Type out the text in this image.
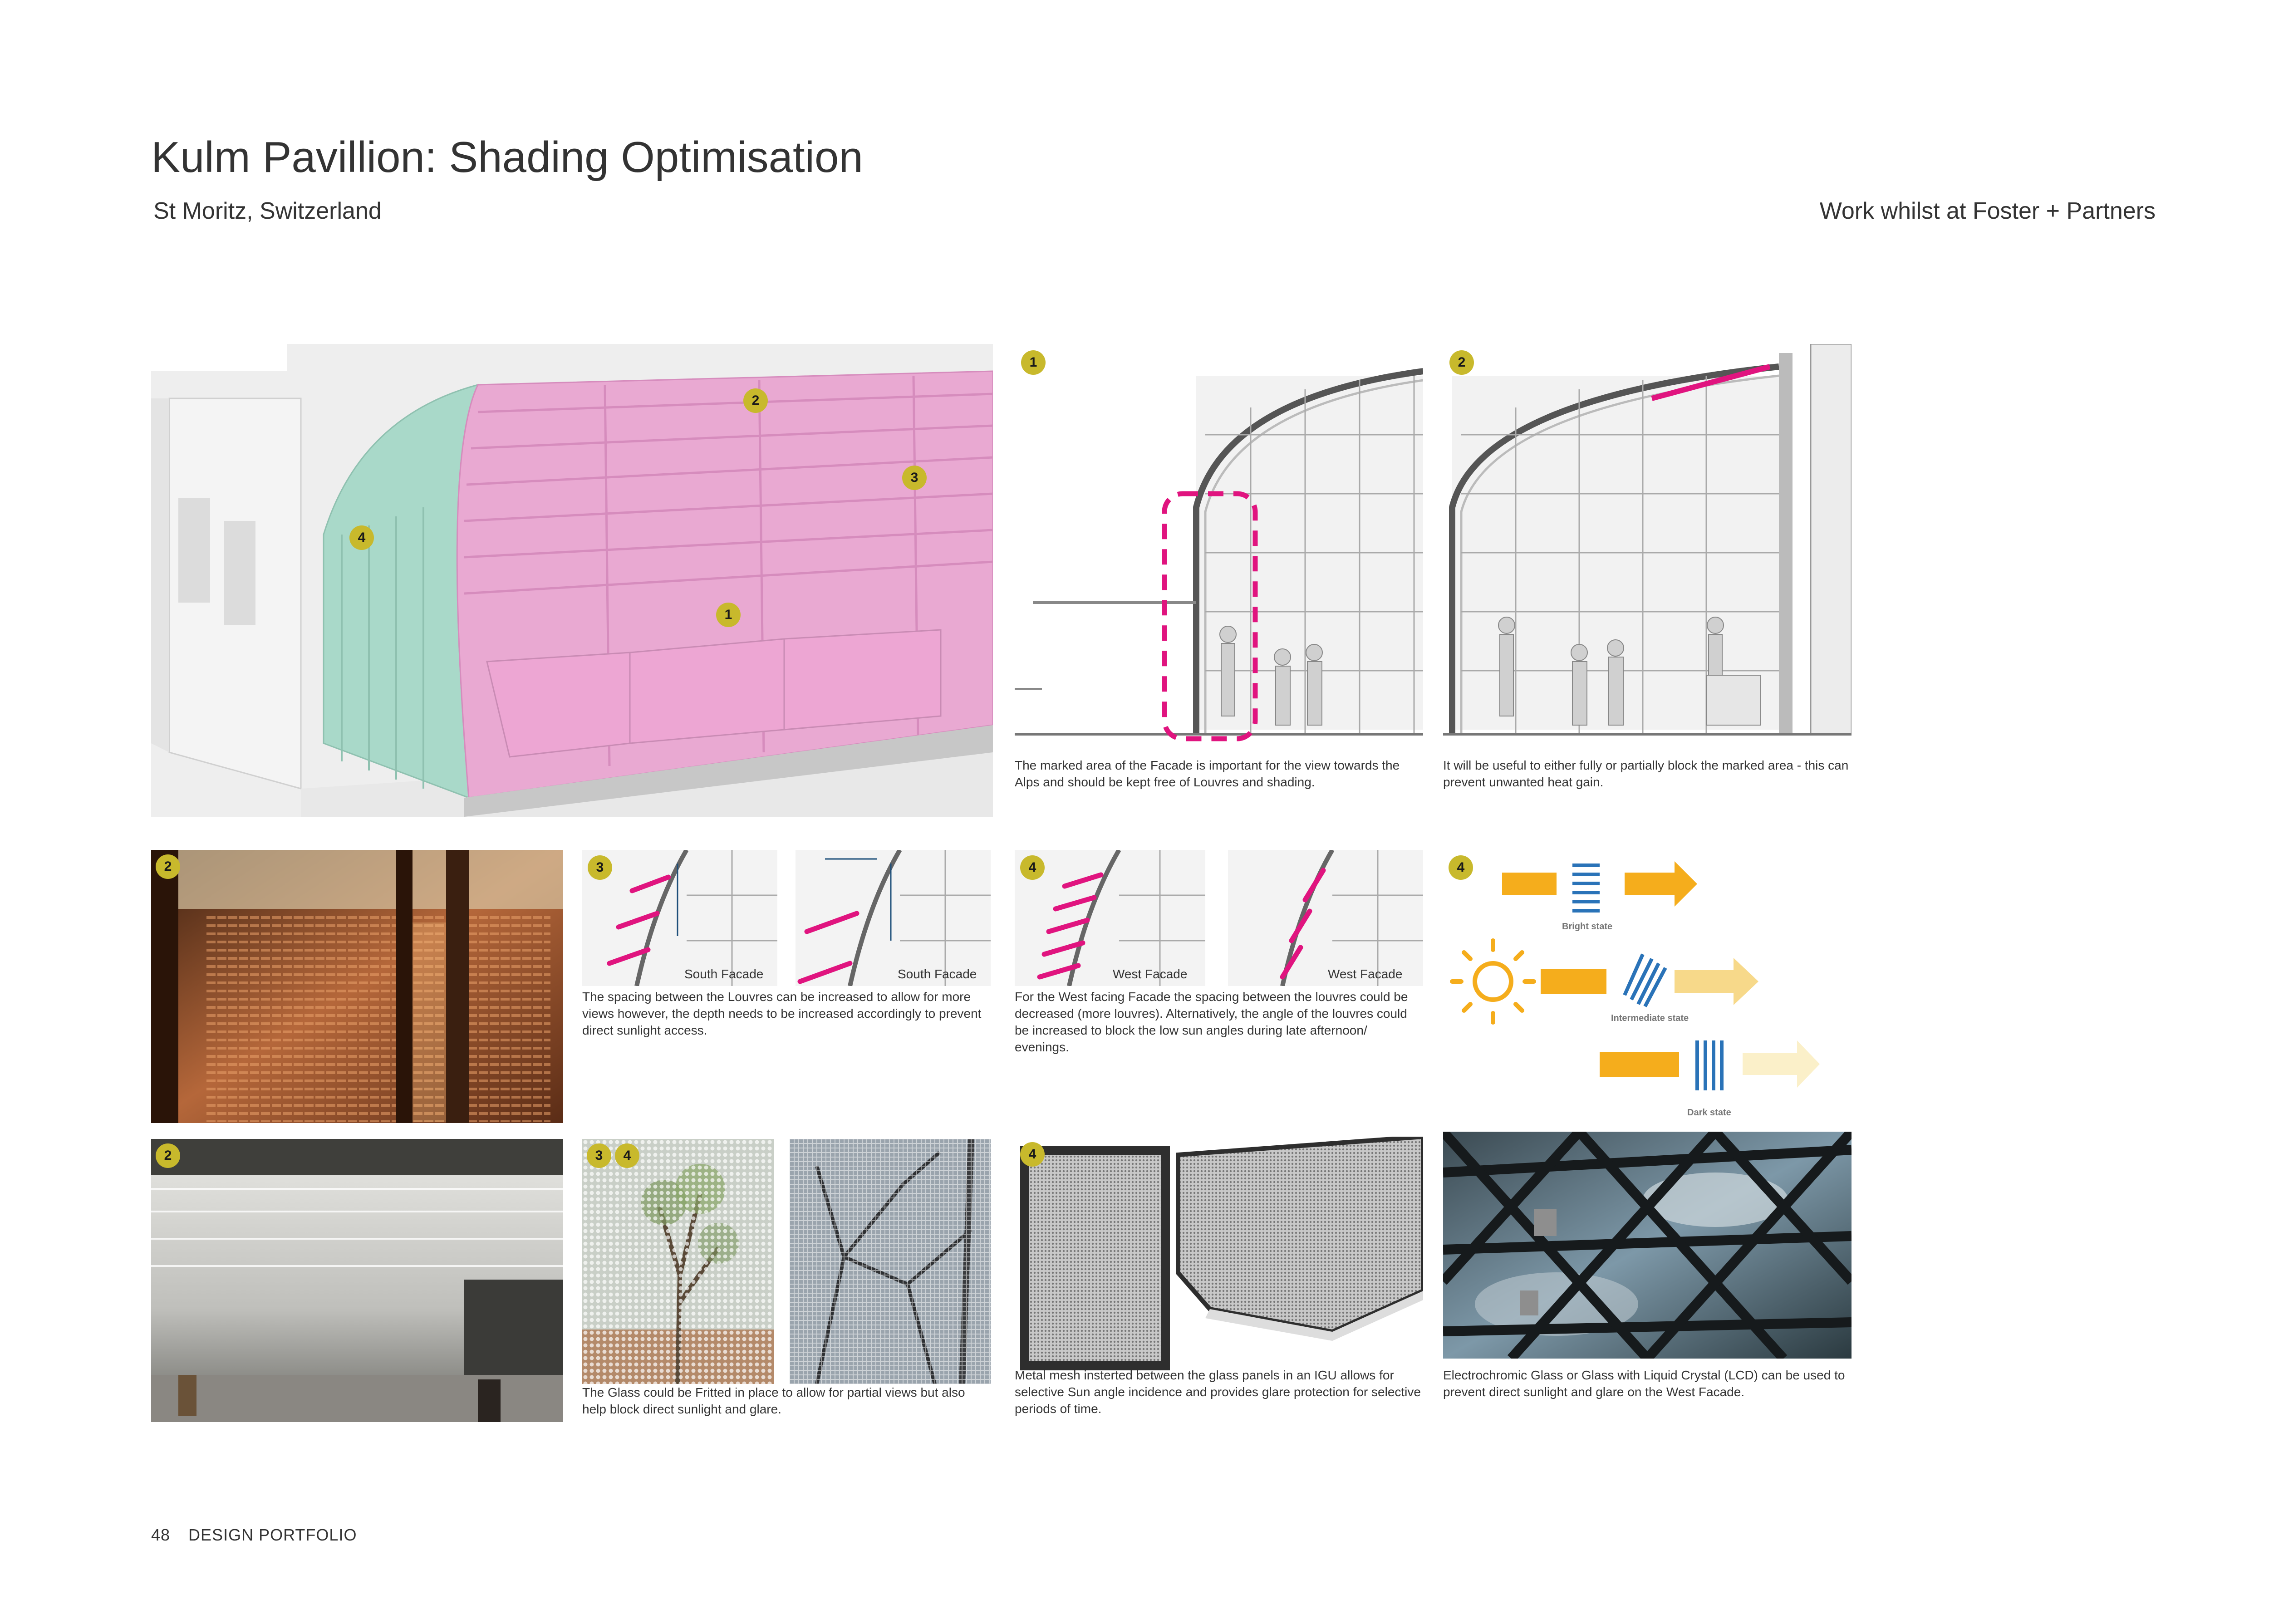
Kulm Pavillion: Shading Optimisation
St Moritz, Switzerland	Work whilst at Foster + Partners
2
3
4
1
1
The marked area of the Facade is important for the view towards the Alps and should be kept free of Louvres and shading.
2
It will be useful to either fully or partially block the marked area - this can prevent unwanted heat gain.
2	3
South Facade	South Facade
The spacing between the Louvres can be increased to allow for more views however, the depth needs to be increased accordingly to prevent direct sunlight access.
4
West Facade	West Facade
For the West facing Facade the spacing between the louvres could be decreased (more louvres). Alternatively, the angle of the louvres could be increased to block the low sun angles during late afternoon/ evenings.
4
Bright state
Intermediate state
Dark state
2	3	4
The Glass could be Fritted in place to allow for partial views but also help block direct sunlight and glare.
4
Metal mesh insterted between the glass panels in an IGU allows for selective Sun angle incidence and provides glare protection for selective periods of time.
Electrochromic Glass or Glass with Liquid Crystal (LCD) can be used to prevent direct sunlight and glare on the West Facade.
48 DESIGN PORTFOLIO
